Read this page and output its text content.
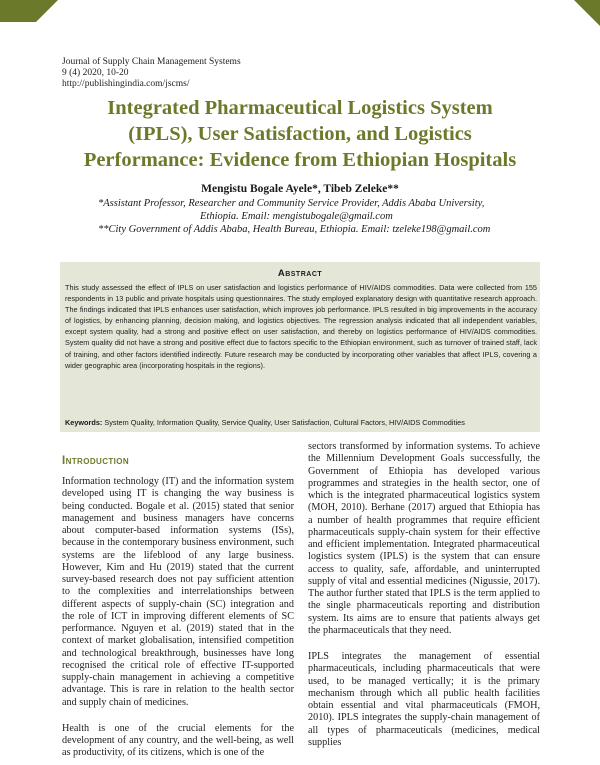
Journal of Supply Chain Management Systems
9 (4) 2020, 10-20
http://publishingindia.com/jscms/
Integrated Pharmaceutical Logistics System
(IPLS), User Satisfaction, and Logistics
Performance: Evidence from Ethiopian Hospitals
Mengistu Bogale Ayele*, Tibeb Zeleke**
*Assistant Professor, Researcher and Community Service Provider, Addis Ababa University,
Ethiopia. Email: mengistubogale@gmail.com
**City Government of Addis Ababa, Health Bureau, Ethiopia. Email: tzeleke198@gmail.com
Abstract
This study assessed the effect of IPLS on user satisfaction and logistics performance of HIV/AIDS commodities. Data were collected from 155 respondents in 13 public and private hospitals using questionnaires. The study employed explanatory design with quantitative research approach. The findings indicated that IPLS enhances user satisfaction, which improves job performance. IPLS resulted in big improvements in the accuracy of logistics, by enhancing planning, decision making, and logistics objectives. The regression analysis indicated that all independent variables, except system quality, had a strong and positive effect on user satisfaction, and thereby on logistics performance of HIV/AIDS commodities. System quality did not have a strong and positive effect due to factors specific to the Ethiopian environment, such as turnover of trained staff, lack of training, and other factors identified indirectly. Future research may be conducted by incorporating other variables that affect IPLS, covering a wider geographic area (incorporating hospitals in the regions).
Keywords: System Quality, Information Quality, Service Quality, User Satisfaction, Cultural Factors, HIV/AIDS Commodities
Introduction

Information technology (IT) and the information system developed using IT is changing the way business is being conducted. Bogale et al. (2015) stated that senior management and business managers have concerns about computer-based information systems (ISs), because in the contemporary business environment, such systems are the lifeblood of any large business. However, Kim and Hu (2019) stated that the current survey-based research does not pay sufficient attention to the complexities and interrelationships between different aspects of supply-chain (SC) integration and the role of ICT in improving different elements of SC performance. Nguyen et al. (2019) stated that in the context of market globalisation, intensified competition and technological breakthrough, businesses have long recognised the critical role of effective IT-supported supply-chain management in achieving a competitive advantage. This is rare in relation to the health sector and supply chain of medicines.

Health is one of the crucial elements for the development of any country, and the well-being, as well as productivity, of its citizens, which is one of the

sectors transformed by information systems. To achieve the Millennium Development Goals successfully, the Government of Ethiopia has developed various programmes and strategies in the health sector, one of which is the integrated pharmaceutical logistics system (MOH, 2010). Berhane (2017) argued that Ethiopia has a number of health programmes that require efficient pharmaceuticals supply-chain system for their effective and efficient implementation. Integrated pharmaceutical logistics system (IPLS) is the system that can ensure access to quality, safe, affordable, and uninterrupted supply of vital and essential medicines (Nigussie, 2017). The author further stated that IPLS is the term applied to the single pharmaceuticals reporting and distribution system. Its aims are to ensure that patients always get the pharmaceuticals that they need.

IPLS integrates the management of essential pharmaceuticals, including pharmaceuticals that were used, to be managed vertically; it is the primary mechanism through which all public health facilities obtain essential and vital pharmaceuticals (FMOH, 2010). IPLS integrates the supply-chain management of all types of pharmaceuticals (medicines, medical supplies
